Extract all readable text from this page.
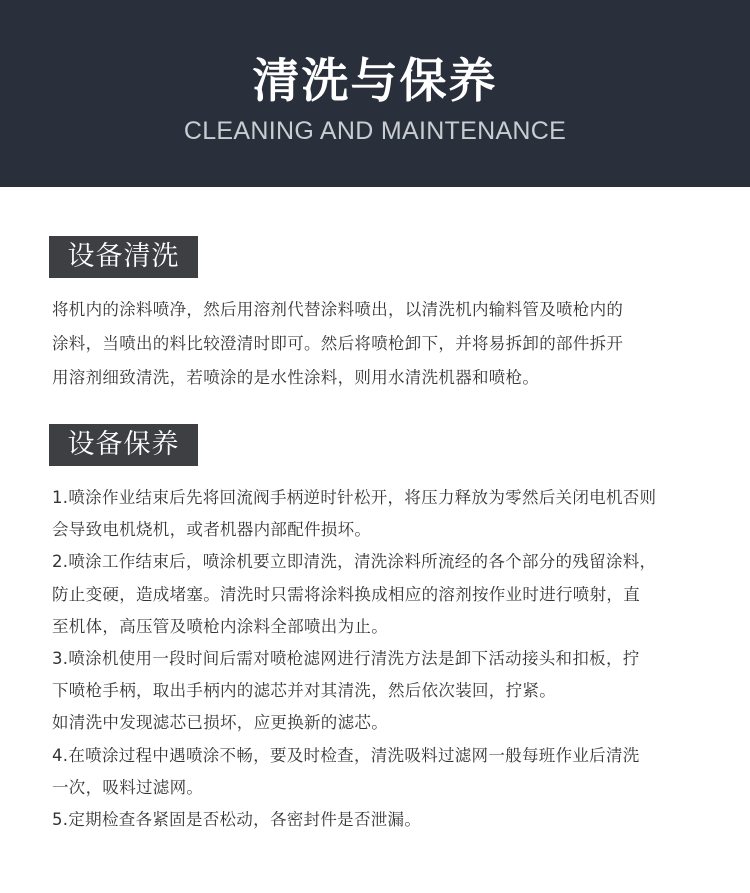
清洗与保养
CLEANING AND MAINTENANCE
设备清洗

将机内的涂料喷净，然后用溶剂代替涂料喷出，以清洗机内输料管及喷枪内的
涂料，当喷出的料比较澄清时即可。然后将喷枪卸下，并将易拆卸的部件拆开
用溶剂细致清洗，若喷涂的是水性涂料，则用水清洗机器和喷枪。

设备保养

1.喷涂作业结束后先将回流阀手柄逆时针松开，将压力释放为零然后关闭电机否则
会导致电机烧机，或者机器内部配件损坏。
2.喷涂工作结束后，喷涂机要立即清洗，清洗涂料所流经的各个部分的残留涂料，
防止变硬，造成堵塞。清洗时只需将涂料换成相应的溶剂按作业时进行喷射，直
至机体，高压管及喷枪内涂料全部喷出为止。
3.喷涂机使用一段时间后需对喷枪滤网进行清洗方法是卸下活动接头和扣板，拧
下喷枪手柄，取出手柄内的滤芯并对其清洗，然后依次装回，拧紧。
如清洗中发现滤芯已损坏，应更换新的滤芯。
4.在喷涂过程中遇喷涂不畅，要及时检查，清洗吸料过滤网一般每班作业后清洗
一次，吸料过滤网。
5.定期检查各紧固是否松动，各密封件是否泄漏。
